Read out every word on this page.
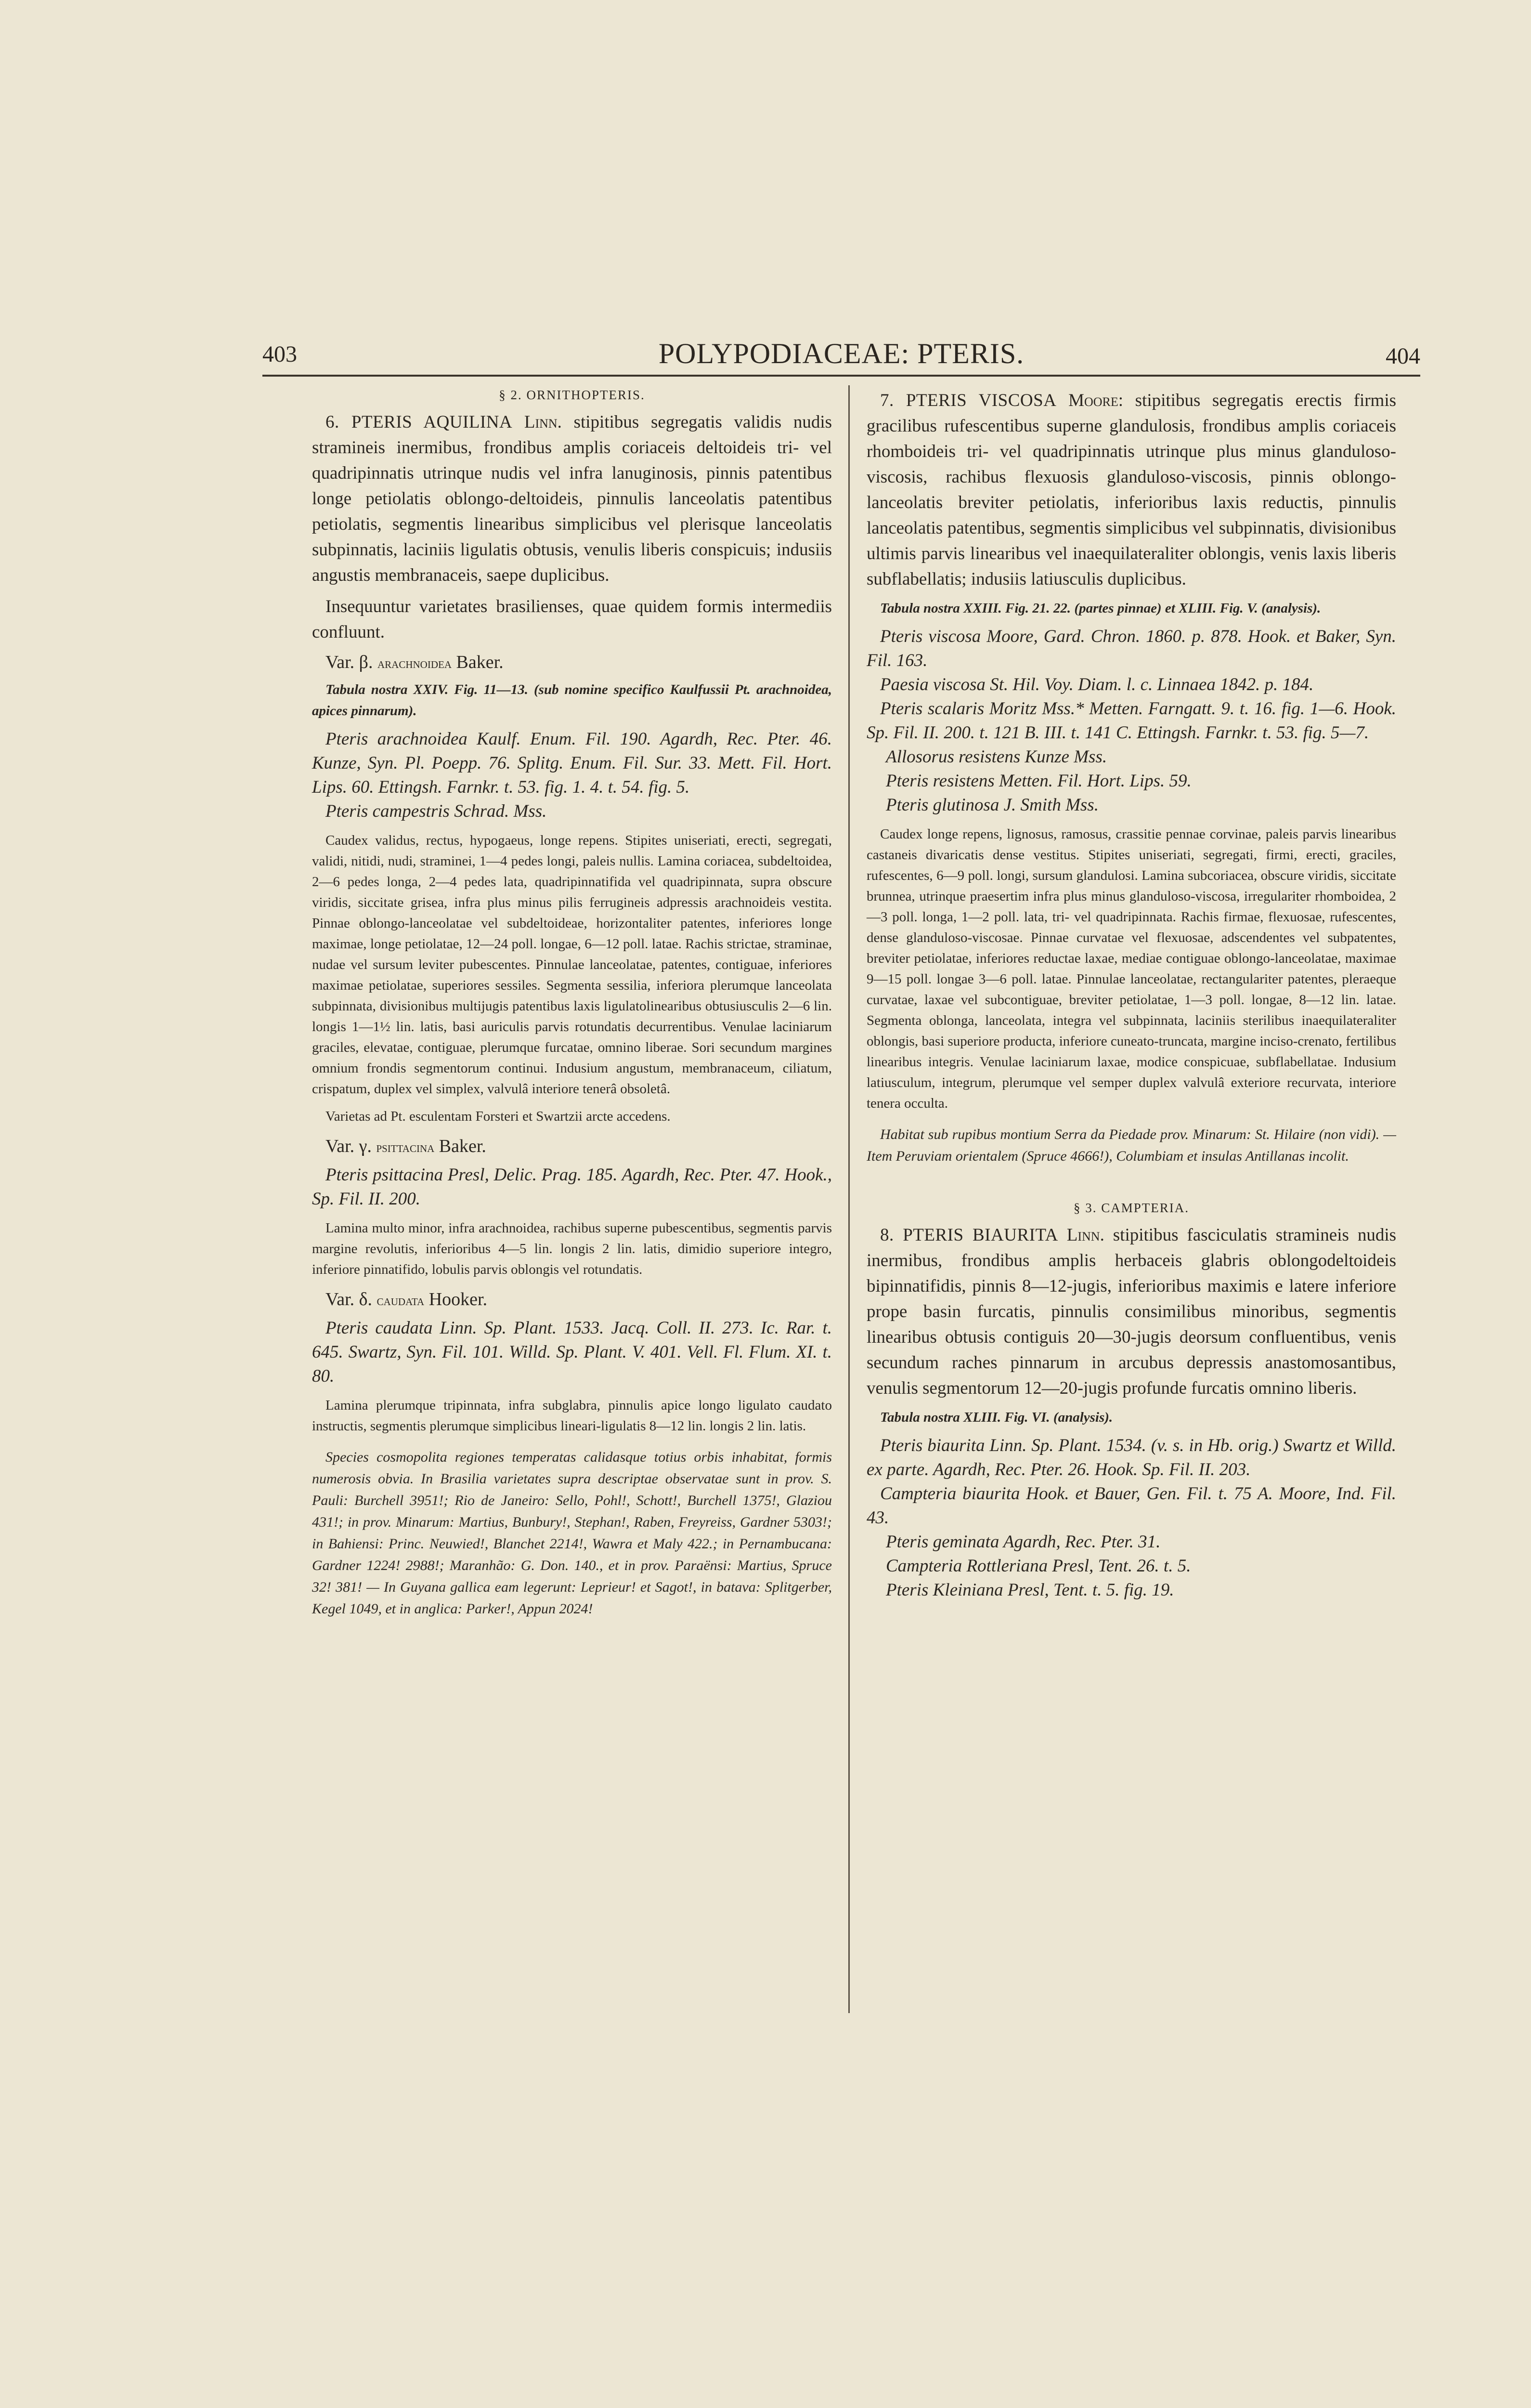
403	POLYPODIACEAE: PTERIS.	404
§ 2. ORNITHOPTERIS.

6. PTERIS AQUILINA Linn. stipitibus segregatis validis nudis stramineis inermibus, frondibus amplis coriaceis deltoideis tri- vel quadripinnatis utrinque nudis vel infra lanuginosis, pinnis patentibus longe petiolatis oblongo-deltoideis, pinnulis lanceolatis patentibus petiolatis, segmentis linearibus simplicibus vel plerisque lanceolatis subpinnatis, laciniis ligulatis obtusis, venulis liberis conspicuis; indusiis angustis membranaceis, saepe duplicibus.

Insequuntur varietates brasilienses, quae quidem formis intermediis confluunt.

Var. β. arachnoidea Baker.

Tabula nostra XXIV. Fig. 11—13. (sub nomine specifico Kaulfussii Pt. arachnoidea, apices pinnarum).

Pteris arachnoidea Kaulf. Enum. Fil. 190. Agardh, Rec. Pter. 46. Kunze, Syn. Pl. Poepp. 76. Splitg. Enum. Fil. Sur. 33. Mett. Fil. Hort. Lips. 60. Ettingsh. Farnkr. t. 53. fig. 1. 4. t. 54. fig. 5.

Pteris campestris Schrad. Mss.

Caudex validus, rectus, hypogaeus, longe repens. Stipites uniseriati, erecti, segregati, validi, nitidi, nudi, straminei, 1—4 pedes longi, paleis nullis. Lamina coriacea, subdeltoidea, 2—6 pedes longa, 2—4 pedes lata, quadripinnatifida vel quadripinnata, supra obscure viridis, siccitate grisea, infra plus minus pilis ferrugineis adpressis arachnoideis vestita. Pinnae oblongo-lanceolatae vel subdeltoideae, horizontaliter patentes, inferiores longe maximae, longe petiolatae, 12—24 poll. longae, 6—12 poll. latae. Rachis strictae, straminae, nudae vel sursum leviter pubescentes. Pinnulae lanceolatae, patentes, contiguae, inferiores maximae petiolatae, superiores sessiles. Segmenta sessilia, inferiora plerumque lanceolata subpinnata, divisionibus multijugis patentibus laxis ligulatolinearibus obtusiusculis 2—6 lin. longis 1—1½ lin. latis, basi auriculis parvis rotundatis decurrentibus. Venulae laciniarum graciles, elevatae, contiguae, plerumque furcatae, omnino liberae. Sori secundum margines omnium frondis segmentorum continui. Indusium angustum, membranaceum, ciliatum, crispatum, duplex vel simplex, valvulâ interiore tenerâ obsoletâ.

Varietas ad Pt. esculentam Forsteri et Swartzii arcte accedens.

Var. γ. psittacina Baker.

Pteris psittacina Presl, Delic. Prag. 185. Agardh, Rec. Pter. 47. Hook., Sp. Fil. II. 200.

Lamina multo minor, infra arachnoidea, rachibus superne pubescentibus, segmentis parvis margine revolutis, inferioribus 4—5 lin. longis 2 lin. latis, dimidio superiore integro, inferiore pinnatifido, lobulis parvis oblongis vel rotundatis.

Var. δ. caudata Hooker.

Pteris caudata Linn. Sp. Plant. 1533. Jacq. Coll. II. 273. Ic. Rar. t. 645. Swartz, Syn. Fil. 101. Willd. Sp. Plant. V. 401. Vell. Fl. Flum. XI. t. 80.

Lamina plerumque tripinnata, infra subglabra, pinnulis apice longo ligulato caudato instructis, segmentis plerumque simplicibus lineari-ligulatis 8—12 lin. longis 2 lin. latis.

Species cosmopolita regiones temperatas calidasque totius orbis inhabitat, formis numerosis obvia. In Brasilia varietates supra descriptae observatae sunt in prov. S. Pauli: Burchell 3951!; Rio de Janeiro: Sello, Pohl!, Schott!, Burchell 1375!, Glaziou 431!; in prov. Minarum: Martius, Bunbury!, Stephan!, Raben, Freyreiss, Gardner 5303!; in Bahiensi: Princ. Neuwied!, Blanchet 2214!, Wawra et Maly 422.; in Pernambucana: Gardner 1224! 2988!; Maranhão: G. Don. 140., et in prov. Paraënsi: Martius, Spruce 32! 381! — In Guyana gallica eam legerunt: Leprieur! et Sagot!, in batava: Splitgerber, Kegel 1049, et in anglica: Parker!, Appun 2024!

7. PTERIS VISCOSA Moore: stipitibus segregatis erectis firmis gracilibus rufescentibus superne glandulosis, frondibus amplis coriaceis rhomboideis tri- vel quadripinnatis utrinque plus minus glanduloso-viscosis, rachibus flexuosis glanduloso-viscosis, pinnis oblongo-lanceolatis breviter petiolatis, inferioribus laxis reductis, pinnulis lanceolatis patentibus, segmentis simplicibus vel subpinnatis, divisionibus ultimis parvis linearibus vel inaequilateraliter oblongis, venis laxis liberis subflabellatis; indusiis latiusculis duplicibus.

Tabula nostra XXIII. Fig. 21. 22. (partes pinnae) et XLIII. Fig. V. (analysis).

Pteris viscosa Moore, Gard. Chron. 1860. p. 878. Hook. et Baker, Syn. Fil. 163.

Paesia viscosa St. Hil. Voy. Diam. l. c. Linnaea 1842. p. 184.

Pteris scalaris Moritz Mss.* Metten. Farngatt. 9. t. 16. fig. 1—6. Hook. Sp. Fil. II. 200. t. 121 B. III. t. 141 C. Ettingsh. Farnkr. t. 53. fig. 5—7.

Allosorus resistens Kunze Mss.

Pteris resistens Metten. Fil. Hort. Lips. 59.

Pteris glutinosa J. Smith Mss.

Caudex longe repens, lignosus, ramosus, crassitie pennae corvinae, paleis parvis linearibus castaneis divaricatis dense vestitus. Stipites uniseriati, segregati, firmi, erecti, graciles, rufescentes, 6—9 poll. longi, sursum glandulosi. Lamina subcoriacea, obscure viridis, siccitate brunnea, utrinque praesertim infra plus minus glanduloso-viscosa, irregulariter rhomboidea, 2—3 poll. longa, 1—2 poll. lata, tri- vel quadripinnata. Rachis firmae, flexuosae, rufescentes, dense glanduloso-viscosae. Pinnae curvatae vel flexuosae, adscendentes vel subpatentes, breviter petiolatae, inferiores reductae laxae, mediae contiguae oblongo-lanceolatae, maximae 9—15 poll. longae 3—6 poll. latae. Pinnulae lanceolatae, rectangulariter patentes, pleraeque curvatae, laxae vel subcontiguae, breviter petiolatae, 1—3 poll. longae, 8—12 lin. latae. Segmenta oblonga, lanceolata, integra vel subpinnata, laciniis sterilibus inaequilateraliter oblongis, basi superiore producta, inferiore cuneato-truncata, margine inciso-crenato, fertilibus linearibus integris. Venulae laciniarum laxae, modice conspicuae, subflabellatae. Indusium latiusculum, integrum, plerumque vel semper duplex valvulâ exteriore recurvata, interiore tenera occulta.

Habitat sub rupibus montium Serra da Piedade prov. Minarum: St. Hilaire (non vidi). — Item Peruviam orientalem (Spruce 4666!), Columbiam et insulas Antillanas incolit.

§ 3. CAMPTERIA.

8. PTERIS BIAURITA Linn. stipitibus fasciculatis stramineis nudis inermibus, frondibus amplis herbaceis glabris oblongodeltoideis bipinnatifidis, pinnis 8—12-jugis, inferioribus maximis e latere inferiore prope basin furcatis, pinnulis consimilibus minoribus, segmentis linearibus obtusis contiguis 20—30-jugis deorsum confluentibus, venis secundum raches pinnarum in arcubus depressis anastomosantibus, venulis segmentorum 12—20-jugis profunde furcatis omnino liberis.

Tabula nostra XLIII. Fig. VI. (analysis).

Pteris biaurita Linn. Sp. Plant. 1534. (v. s. in Hb. orig.) Swartz et Willd. ex parte. Agardh, Rec. Pter. 26. Hook. Sp. Fil. II. 203.

Campteria biaurita Hook. et Bauer, Gen. Fil. t. 75 A. Moore, Ind. Fil. 43.

Pteris geminata Agardh, Rec. Pter. 31.

Campteria Rottleriana Presl, Tent. 26. t. 5.

Pteris Kleiniana Presl, Tent. t. 5. fig. 19.
